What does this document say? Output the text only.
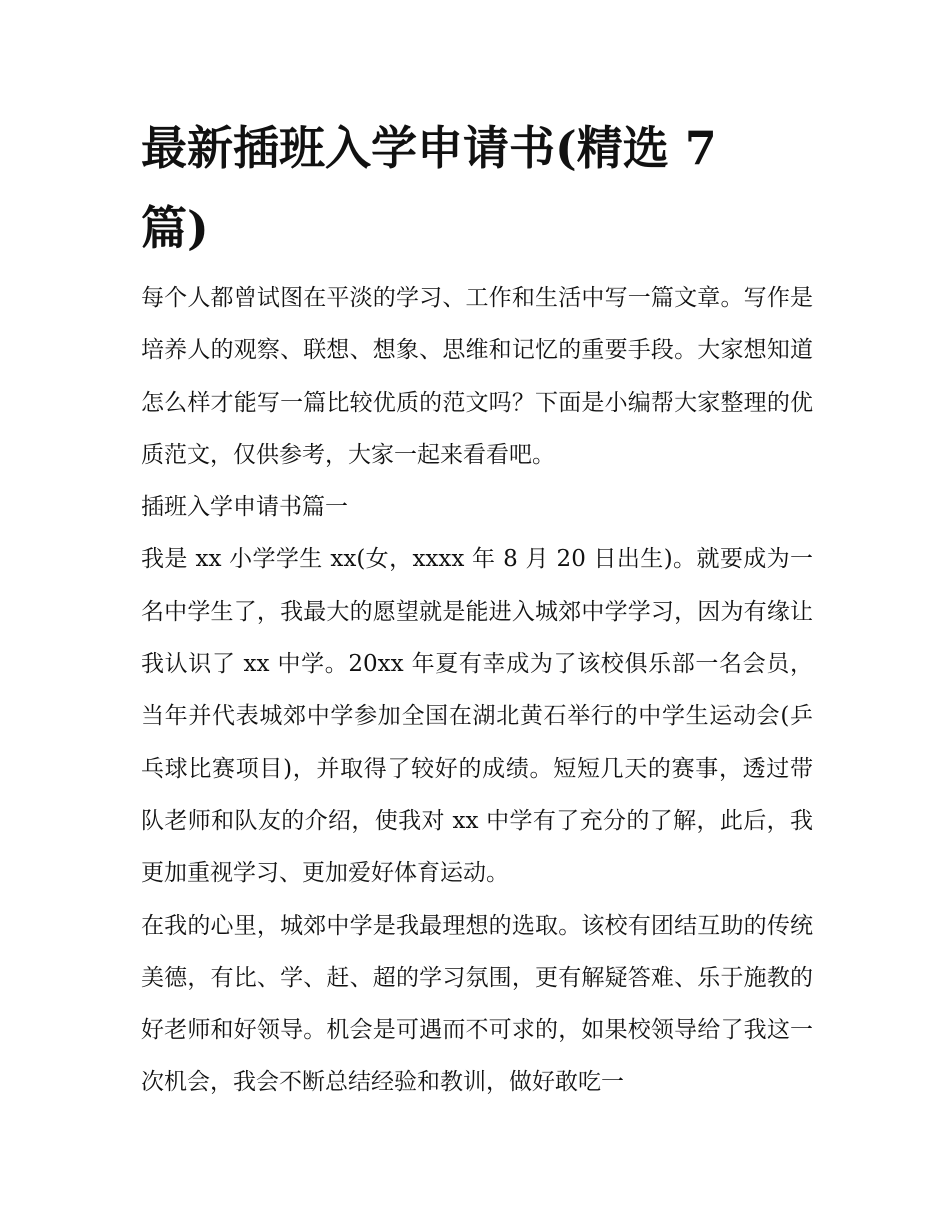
最新插班入学申请书(精选 7 篇)

每个人都曾试图在平淡的学习、工作和生活中写一篇文章。写作是培养人的观察、联想、想象、思维和记忆的重要手段。大家想知道怎么样才能写一篇比较优质的范文吗？下面是小编帮大家整理的优质范文，仅供参考，大家一起来看看吧。

插班入学申请书篇一

我是 xx 小学学生 xx(女，xxxx 年 8 月 20 日出生)。就要成为一名中学生了，我最大的愿望就是能进入城郊中学学习，因为有缘让我认识了 xx 中学。20xx 年夏有幸成为了该校俱乐部一名会员，当年并代表城郊中学参加全国在湖北黄石举行的中学生运动会(乒乓球比赛项目)，并取得了较好的成绩。短短几天的赛事，透过带队老师和队友的介绍，使我对 xx 中学有了充分的了解，此后，我更加重视学习、更加爱好体育运动。

在我的心里，城郊中学是我最理想的选取。该校有团结互助的传统美德，有比、学、赶、超的学习氛围，更有解疑答难、乐于施教的好老师和好领导。机会是可遇而不可求的，如果校领导给了我这一次机会，我会不断总结经验和教训，做好敢吃一
